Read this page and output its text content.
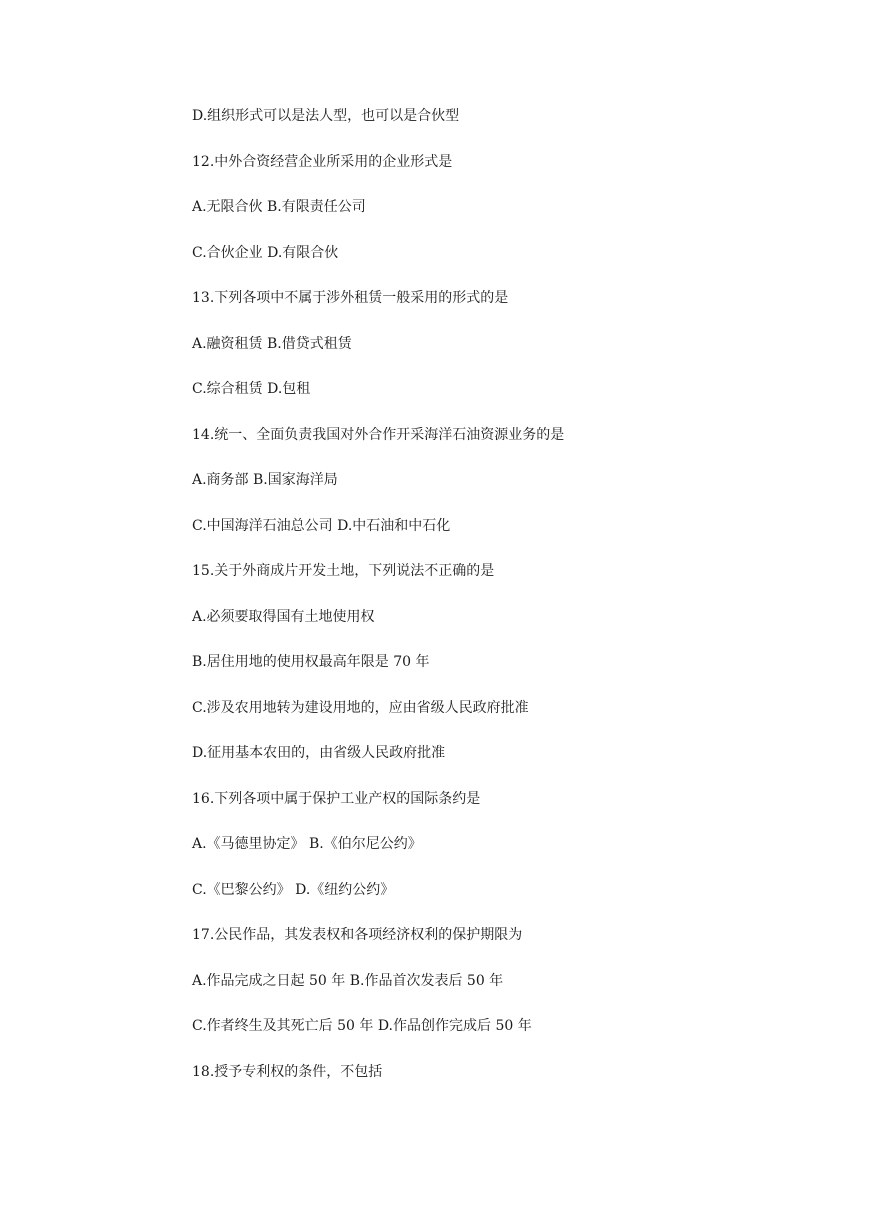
D.组织形式可以是法人型，也可以是合伙型
12.中外合资经营企业所采用的企业形式是
A.无限合伙 B.有限责任公司
C.合伙企业 D.有限合伙
13.下列各项中不属于涉外租赁一般采用的形式的是
A.融资租赁 B.借贷式租赁
C.综合租赁 D.包租
14.统一、全面负责我国对外合作开采海洋石油资源业务的是
A.商务部 B.国家海洋局
C.中国海洋石油总公司 D.中石油和中石化
15.关于外商成片开发土地，下列说法不正确的是
A.必须要取得国有土地使用权
B.居住用地的使用权最高年限是 70 年
C.涉及农用地转为建设用地的，应由省级人民政府批准
D.征用基本农田的，由省级人民政府批准
16.下列各项中属于保护工业产权的国际条约是
A.《马德里协定》 B.《伯尔尼公约》
C.《巴黎公约》 D.《纽约公约》
17.公民作品，其发表权和各项经济权利的保护期限为
A.作品完成之日起 50 年 B.作品首次发表后 50 年
C.作者终生及其死亡后 50 年 D.作品创作完成后 50 年
18.授予专利权的条件，不包括
